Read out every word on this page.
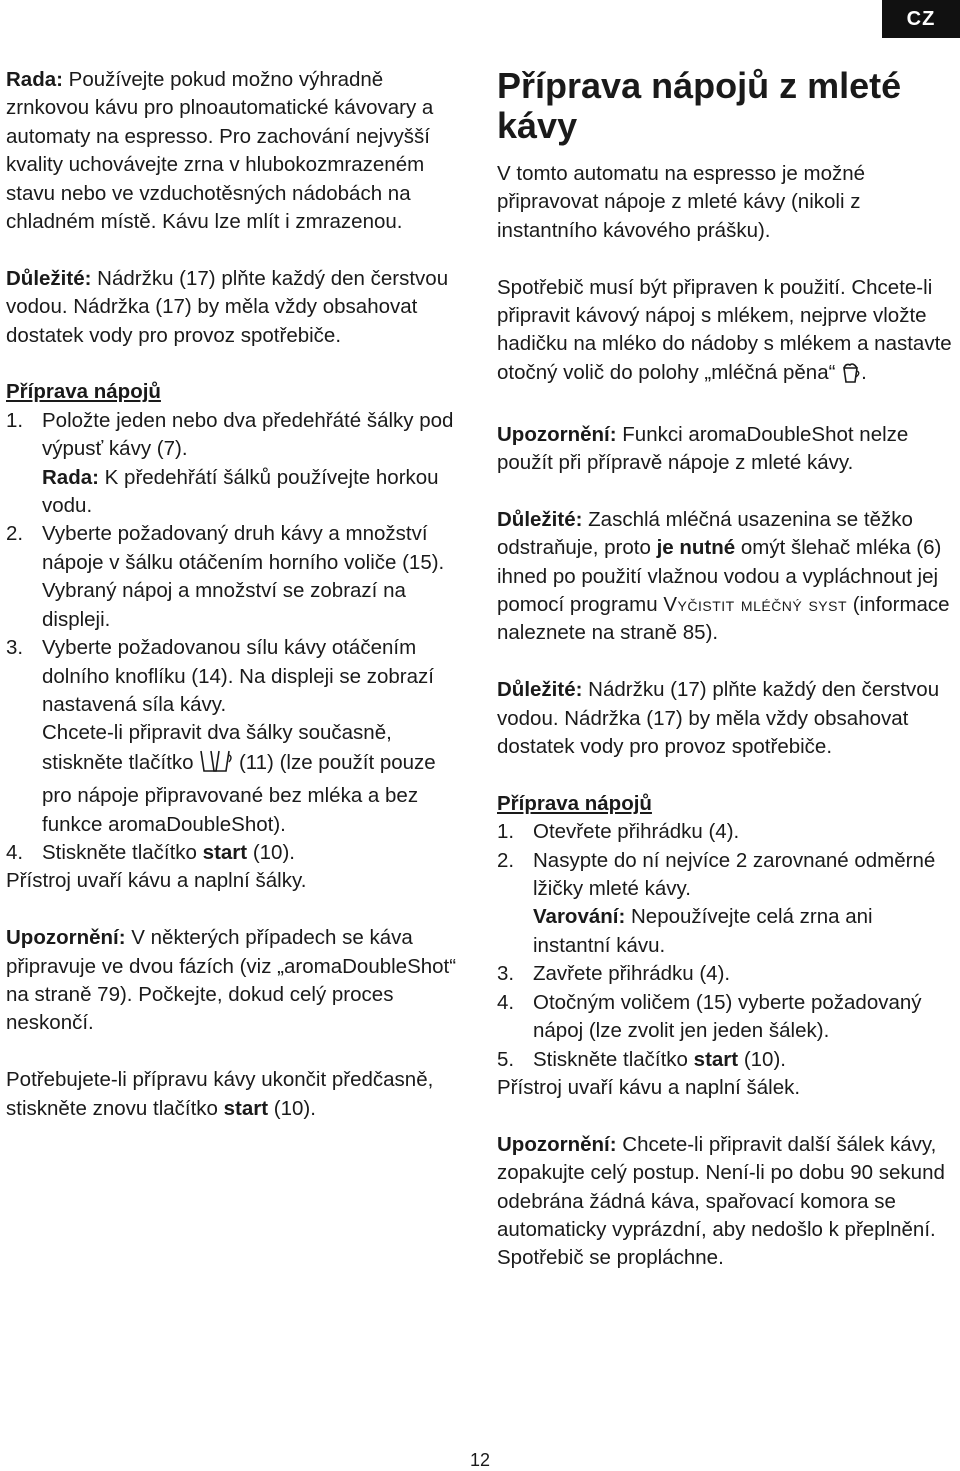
CZ

Rada: Používejte pokud možno výhradně zrnkovou kávu pro plnoautomatické kávovary a automaty na espresso. Pro zachování nejvyšší kvality uchovávejte zrna v hlubokozmrazeném stavu nebo ve vzduchotěsných nádobách na chladném místě. Kávu lze mlít i zmrazenou.

Důležité: Nádržku (17) plňte každý den čerstvou vodou. Nádržka (17) by měla vždy obsahovat dostatek vody pro provoz spotřebiče.

Příprava nápojů

1. Položte jeden nebo dva předehřáté šálky pod výpusť kávy (7).
Rada: K předehřátí šálků používejte horkou vodu.
2. Vyberte požadovaný druh kávy a množství nápoje v šálku otáčením horního voliče (15). Vybraný nápoj a množství se zobrazí na displeji.
3. Vyberte požadovanou sílu kávy otáčením dolního knoflíku (14). Na displeji se zobrazí nastavená síla kávy.
Chcete-li připravit dva šálky současně, stiskněte tlačítko (11) (lze použít pouze pro nápoje připravované bez mléka a bez funkce aromaDoubleShot).
4. Stiskněte tlačítko start (10).

Přístroj uvaří kávu a naplní šálky.

Upozornění: V některých případech se káva připravuje ve dvou fázích (viz „aromaDoubleShot“ na straně 79). Počkejte, dokud celý proces neskončí.

Potřebujete-li přípravu kávy ukončit předčasně, stiskněte znovu tlačítko start (10).

Příprava nápojů z mleté kávy

V tomto automatu na espresso je možné připravovat nápoje z mleté kávy (nikoli z instantního kávového prášku).

Spotřebič musí být připraven k použití. Chcete-li připravit kávový nápoj s mlékem, nejprve vložte hadičku na mléko do nádoby s mlékem a nastavte otočný volič do polohy „mléčná pěna“ .

Upozornění: Funkci aromaDoubleShot nelze použít při přípravě nápoje z mleté kávy.

Důležité: Zaschlá mléčná usazenina se těžko odstraňuje, proto je nutné omýt šlehač mléka (6) ihned po použití vlažnou vodou a vypláchnout jej pomocí programu Vyčistit mléčný syst (informace naleznete na straně 85).

Důležité: Nádržku (17) plňte každý den čerstvou vodou. Nádržka (17) by měla vždy obsahovat dostatek vody pro provoz spotřebiče.

Příprava nápojů

1. Otevřete přihrádku (4).
2. Nasypte do ní nejvíce 2 zarovnané odměrné lžičky mleté kávy.
Varování: Nepoužívejte celá zrna ani instantní kávu.
3. Zavřete přihrádku (4).
4. Otočným voličem (15) vyberte požadovaný nápoj (lze zvolit jen jeden šálek).
5. Stiskněte tlačítko start (10).

Přístroj uvaří kávu a naplní šálek.

Upozornění: Chcete-li připravit další šálek kávy, zopakujte celý postup. Není-li po dobu 90 sekund odebrána žádná káva, spařovací komora se automaticky vyprázdní, aby nedošlo k přeplnění. Spotřebič se propláchne.

12
